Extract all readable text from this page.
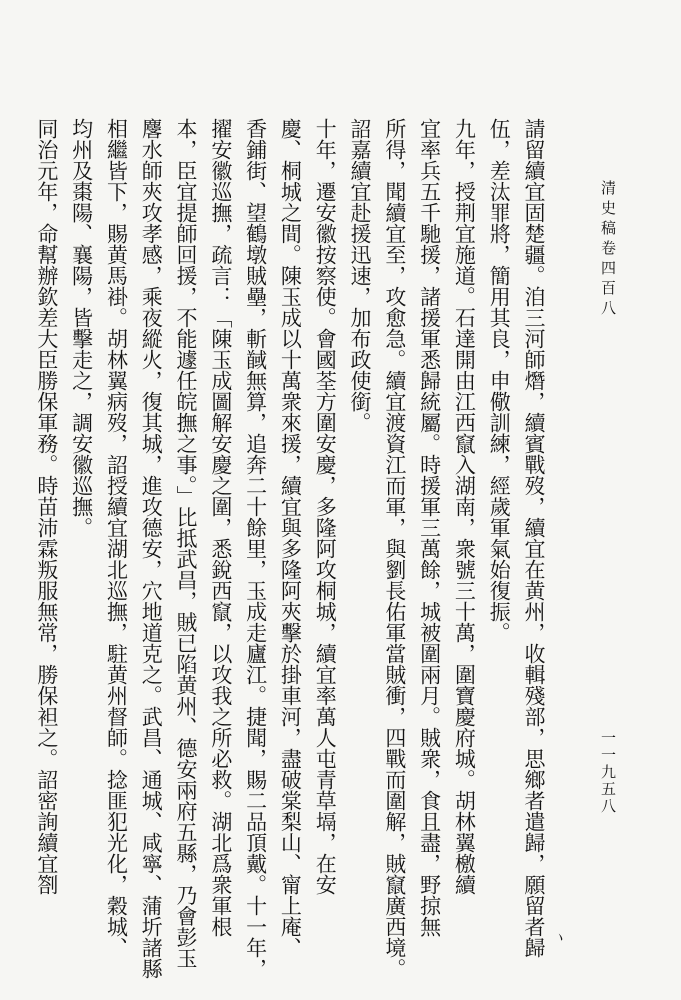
清史稿卷四百八
一一九五八
請留續宜固楚疆。洎三河師熸，續賓戰歿，續宜在黄州，收輯殘部，思鄉者遣歸，願留者歸
伍，差汰罪將，簡用其良，申儆訓練，經歲軍氣始復振。
九年，授荆宜施道。石達開由江西竄入湖南，衆號三十萬，圍寶慶府城。胡林翼檄續
宜率兵五千馳援，諸援軍悉歸統屬。時援軍三萬餘，城被圍兩月。賊衆，食且盡，野掠無
所得，聞續宜至，攻愈急。續宜渡資江而軍，與劉長佑軍當賊衝，四戰而圍解，賊竄廣西境。
詔嘉續宜赴援迅速，加布政使銜。
十年，遷安徽按察使。會國荃方圍安慶，多隆阿攻桐城，續宜率萬人屯青草塥，在安
慶、桐城之間。陳玉成以十萬衆來援，續宜與多隆阿夾擊於掛車河，盡破棠梨山、甯上庵、
香鋪街、望鶴墩賊壘，斬馘無算，追奔二十餘里，玉成走廬江。捷聞，賜二品頂戴。十一年，
擢安徽巡撫，疏言：「陳玉成圖解安慶之圍，悉銳西竄，以攻我之所必救。湖北爲衆軍根
本，臣宜提師回援，不能遽任皖撫之事。」比抵武昌，賊已陷黄州、德安兩府五縣，乃會彭玉
麐水師夾攻孝感，乘夜縱火，復其城，進攻德安，穴地道克之。武昌、通城、咸寧、蒲圻諸縣
相繼皆下，賜黄馬褂。胡林翼病歿，詔授續宜湖北巡撫，駐黄州督師。捻匪犯光化，穀城、
均州及棗陽、襄陽，皆擊走之，調安徽巡撫。
同治元年，命幫辦欽差大臣勝保軍務。時苗沛霖叛服無常，勝保袒之。詔密詢續宜劄
丶
